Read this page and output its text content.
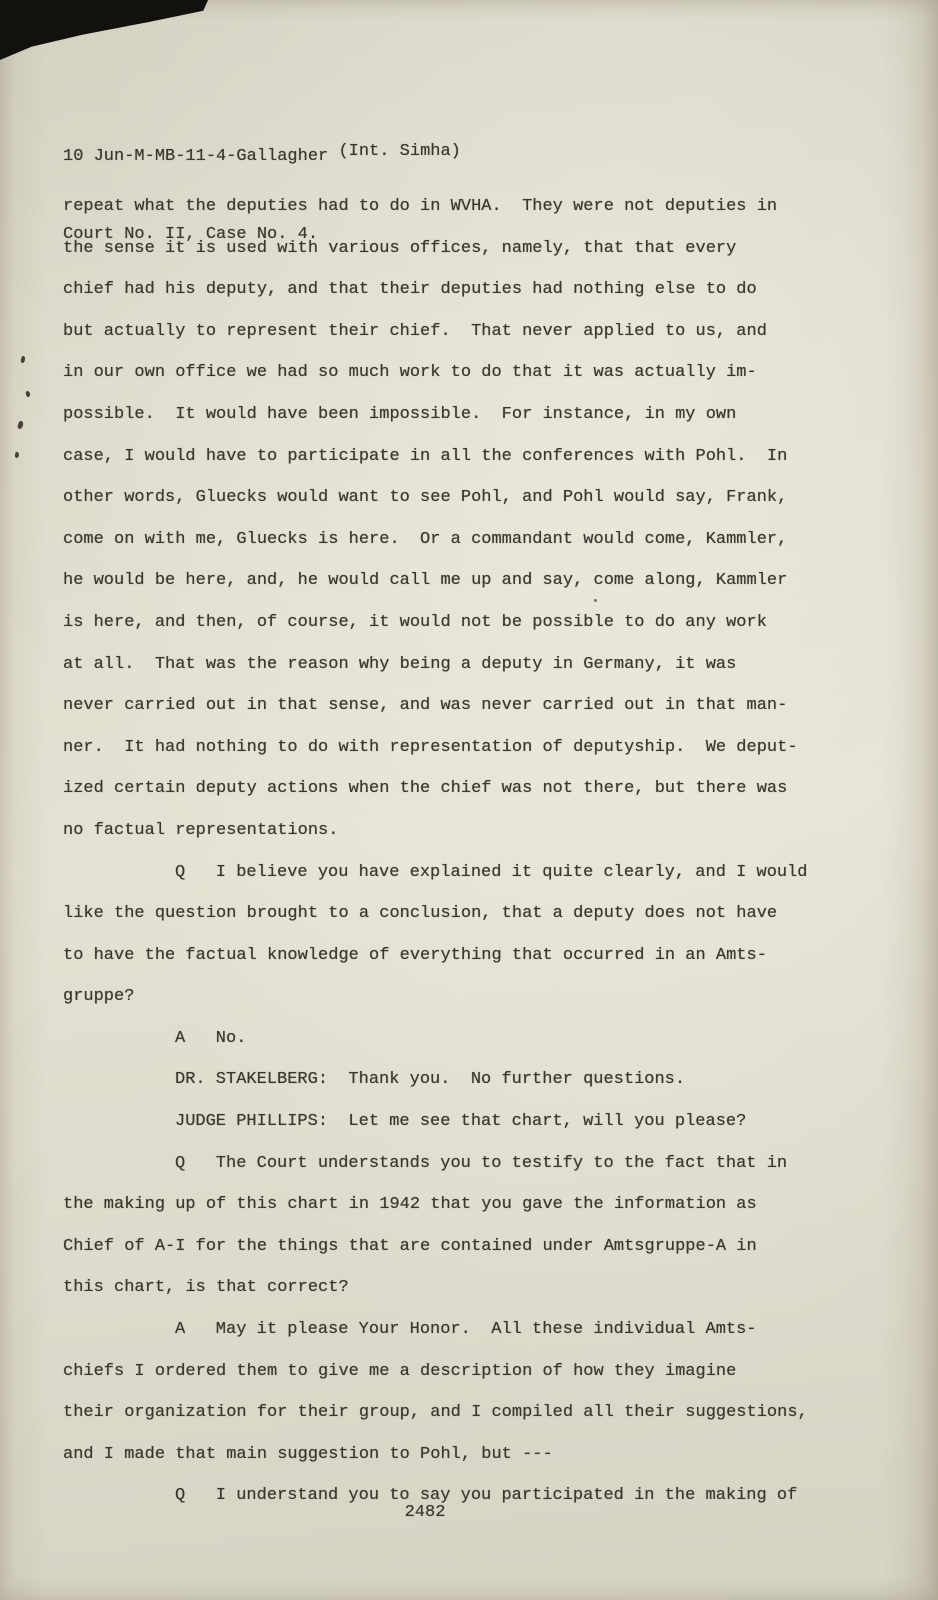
10 Jun-M-MB-11-4-Gallagher (Int. Simha)

Court No. II, Case No. 4.

repeat what the deputies had to do in WVHA.  They were not deputies in
the sense it is used with various offices, namely, that that every
chief had his deputy, and that their deputies had nothing else to do
but actually to represent their chief.  That never applied to us, and
in our own office we had so much work to do that it was actually im-
possible.  It would have been impossible.  For instance, in my own
case, I would have to participate in all the conferences with Pohl.  In
other words, Gluecks would want to see Pohl, and Pohl would say, Frank,
come on with me, Gluecks is here.  Or a commandant would come, Kammler,
he would be here, and, he would call me up and say, come along, Kammler
is here, and then, of course, it would not be possible to do any work
at all.  That was the reason why being a deputy in Germany, it was
never carried out in that sense, and was never carried out in that man-
ner.  It had nothing to do with representation of deputyship.  We deput-
ized certain deputy actions when the chief was not there, but there was
no factual representations.
Q   I believe you have explained it quite clearly, and I would
like the question brought to a conclusion, that a deputy does not have
to have the factual knowledge of everything that occurred in an Amts-
gruppe?
A   No.
DR. STAKELBERG:  Thank you.  No further questions.
JUDGE PHILLIPS:  Let me see that chart, will you please?
Q   The Court understands you to testify to the fact that in
the making up of this chart in 1942 that you gave the information as
Chief of A-I for the things that are contained under Amtsgruppe-A in
this chart, is that correct?
A   May it please Your Honor.  All these individual Amts-
chiefs I ordered them to give me a description of how they imagine
their organization for their group, and I compiled all their suggestions,
and I made that main suggestion to Pohl, but ---
Q   I understand you to say you participated in the making of
2482
